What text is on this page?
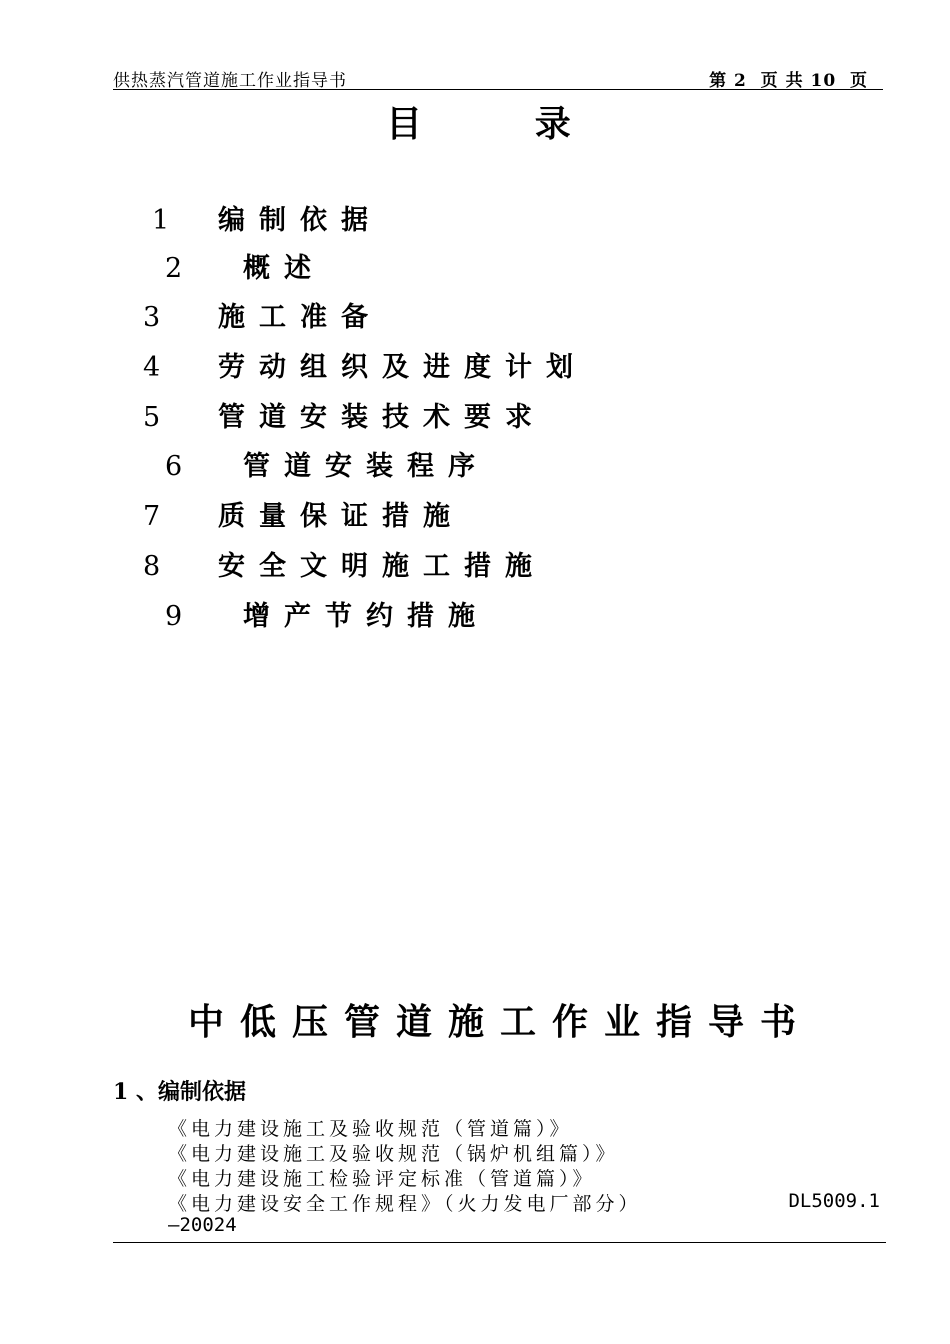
供热蒸汽管道施工作业指导书	第 2  页 共 10  页
目         录
1 编制依据
2 概述
3 施工准备
4 劳动组织及进度计划
5 管道安装技术要求
6 管道安装程序
7 质量保证措施
8 安全文明施工措施
9 增产节约措施
中低压管道施工作业指导书
1 、编制依据
《电力建设施工及验收规范（管道篇）》
《电力建设施工及验收规范（锅炉机组篇）》
《电力建设施工检验评定标准（管道篇）》
《电力建设安全工作规程》（火力发电厂部分）	DL5009.1
—20024
